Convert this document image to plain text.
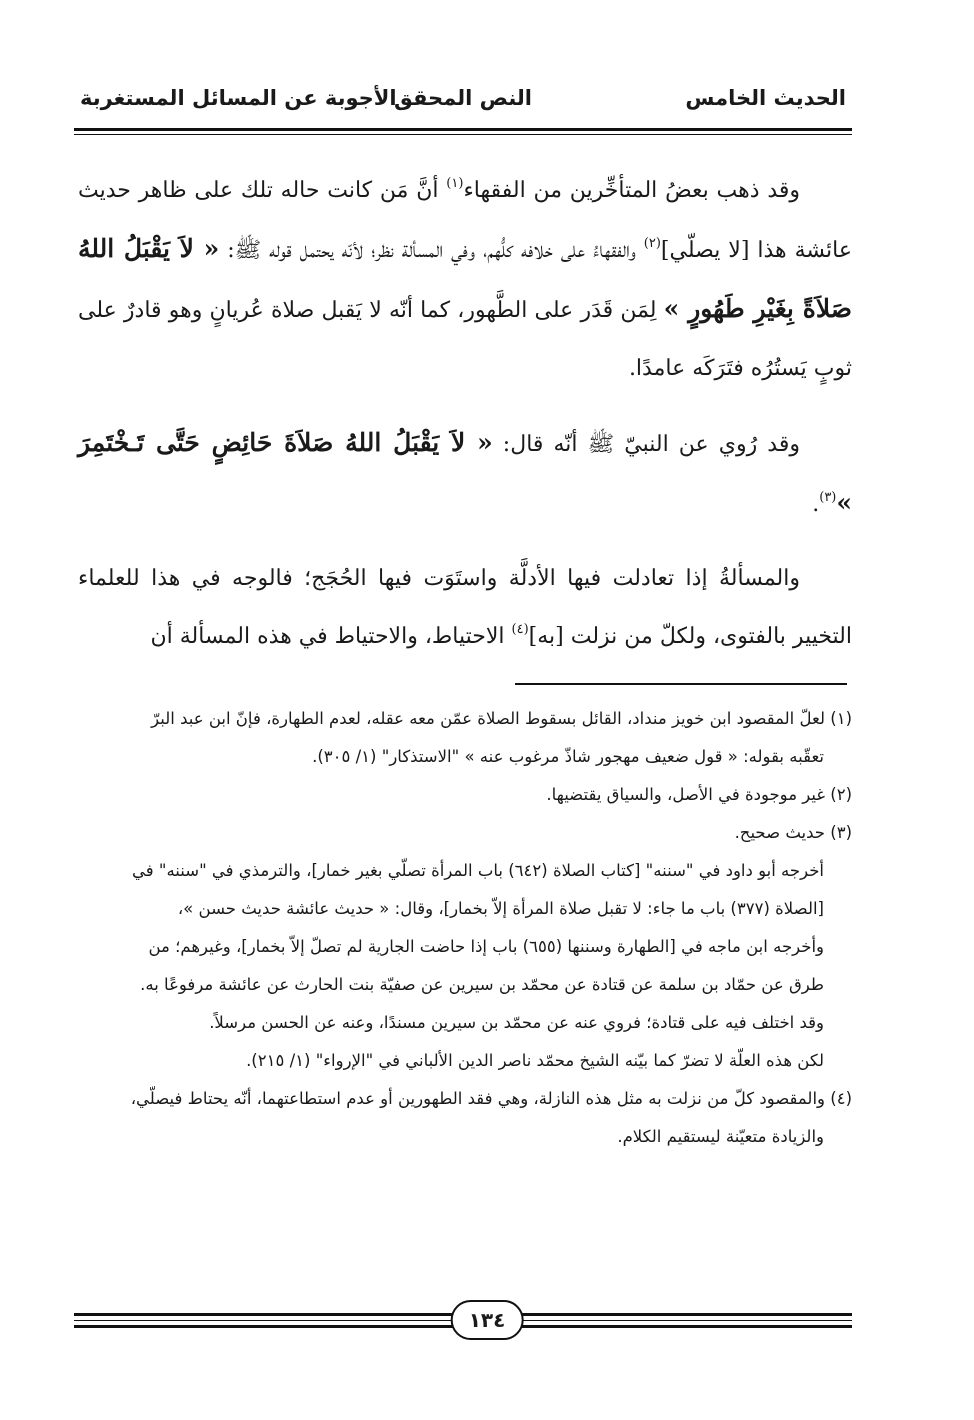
الحديث الخامس
النص المحقق
الأجوبة عن المسائل المستغربة

وقد ذهب بعضُ المتأخِّرين من الفقهاء$^{(١)}$ أنَّ مَن كانت حاله تلك على ظاهر حديث عائشة هذا [لا يصلّي]$^{(٢)}$ والفقهاءُ على خلافه كلُّهم، وفي المسألة نظر؛ لأنّه يحتمل قوله ﷺ: « لاَ يَقْبَلُ اللهُ صَلاَةً بِغَيْرِ طَهُورٍ » لِمَن قَدَر على الطَّهور، كما أنّه لا يَقبل صلاة عُريانٍ وهو قادرٌ على ثوبٍ يَستُرُه فتَرَكَه عامدًا.

وقد رُوي عن النبيّ ﷺ أنّه قال: « لاَ يَقْبَلُ اللهُ صَلاَةَ حَائِضٍ حَتَّى تَـخْتَمِرَ »$^{(٣)}$.

والمسألةُ إذا تعادلت فيها الأدلَّة واستَوَت فيها الحُجَج؛ فالوجه في هذا للعلماء التخيير بالفتوى، ولكلّ من نزلت [به]$^{(٤)}$ الاحتياط، والاحتياط في هذه المسألة أن

(١) لعلّ المقصود ابن خويز منداد، القائل بسقوط الصلاة عمّن معه عقله، لعدم الطهارة، فإنّ ابن عبد البرّ

تعقّبه بقوله: « قول ضعيف مهجور شاذّ مرغوب عنه » "الاستذكار" (١/ ٣٠٥).

(٢) غير موجودة في الأصل، والسياق يقتضيها.

(٣) حديث صحيح.

أخرجه أبو داود في "سننه" [كتاب الصلاة (٦٤٢) باب المرأة تصلّي بغير خمار]، والترمذي في "سننه" في

[الصلاة (٣٧٧) باب ما جاء: لا تقبل صلاة المرأة إلاّ بخمار]، وقال: « حديث عائشة حديث حسن »،

وأخرجه ابن ماجه في [الطهارة وسننها (٦٥٥) باب إذا حاضت الجارية لم تصلّ إلاّ بخمار]، وغيرهم؛ من

طرق عن حمّاد بن سلمة عن قتادة عن محمّد بن سيرين عن صفيّة بنت الحارث عن عائشة مرفوعًا به.

وقد اختلف فيه على قتادة؛ فروي عنه عن محمّد بن سيرين مسندًا، وعنه عن الحسن مرسلاً.

لكن هذه العلّة لا تضرّ كما بيّنه الشيخ محمّد ناصر الدين الألباني في "الإرواء" (١/ ٢١٥).

(٤) والمقصود كلّ من نزلت به مثل هذه النازلة، وهي فقد الطهورين أو عدم استطاعتهما، أنّه يحتاط فيصلّي،

والزيادة متعيّنة ليستقيم الكلام.

١٣٤
